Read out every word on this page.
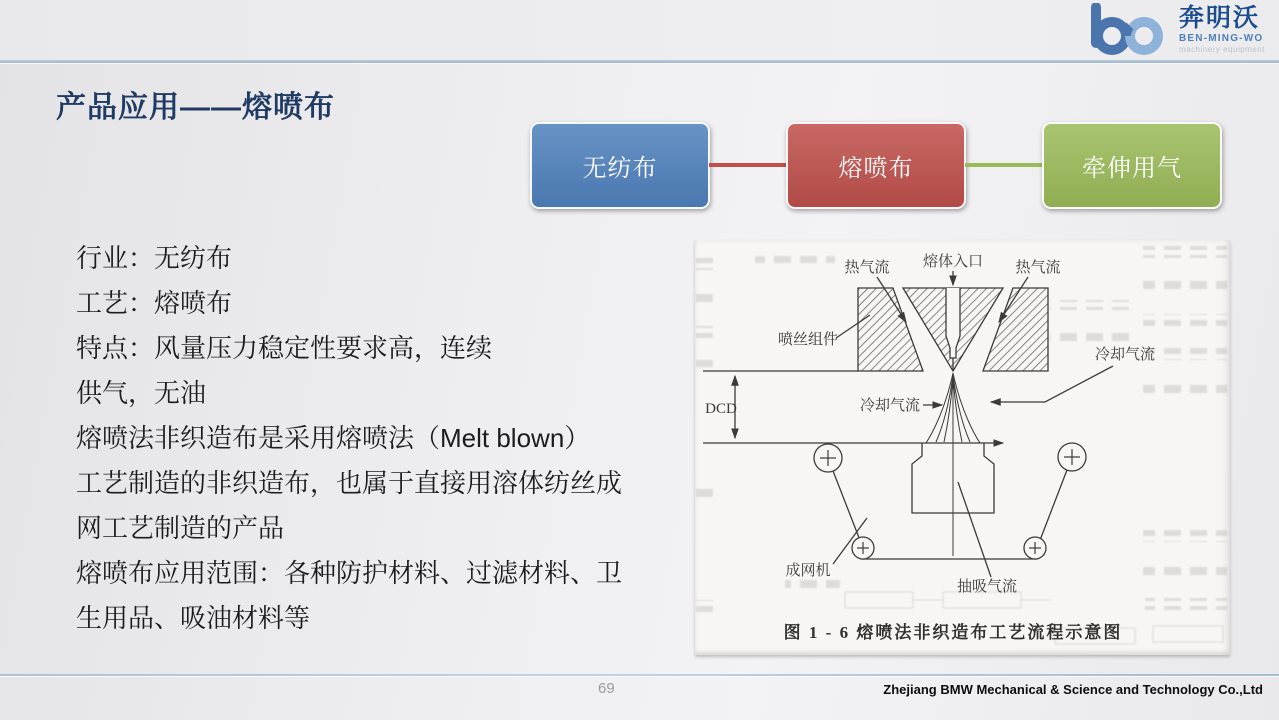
奔明沃
BEN-MING-WO
machinery equipment
产品应用——熔喷布
无纺布	熔喷布	牵伸用气
行业：无纺布
工艺：熔喷布
特点：风量压力稳定性要求高，连续
供气，无油
熔喷法非织造布是采用熔喷法（Melt blown）
工艺制造的非织造布，也属于直接用溶体纺丝成
网工艺制造的产品
熔喷布应用范围：各种防护材料、过滤材料、卫
生用品、吸油材料等
热气流 熔体入口 热气流
喷丝组件
DCD	冷却气流
冷却气流
成网机
抽吸气流
图 1 - 6 熔喷法非织造布工艺流程示意图
69	Zhejiang BMW Mechanical & Science and Technology Co.,Ltd
